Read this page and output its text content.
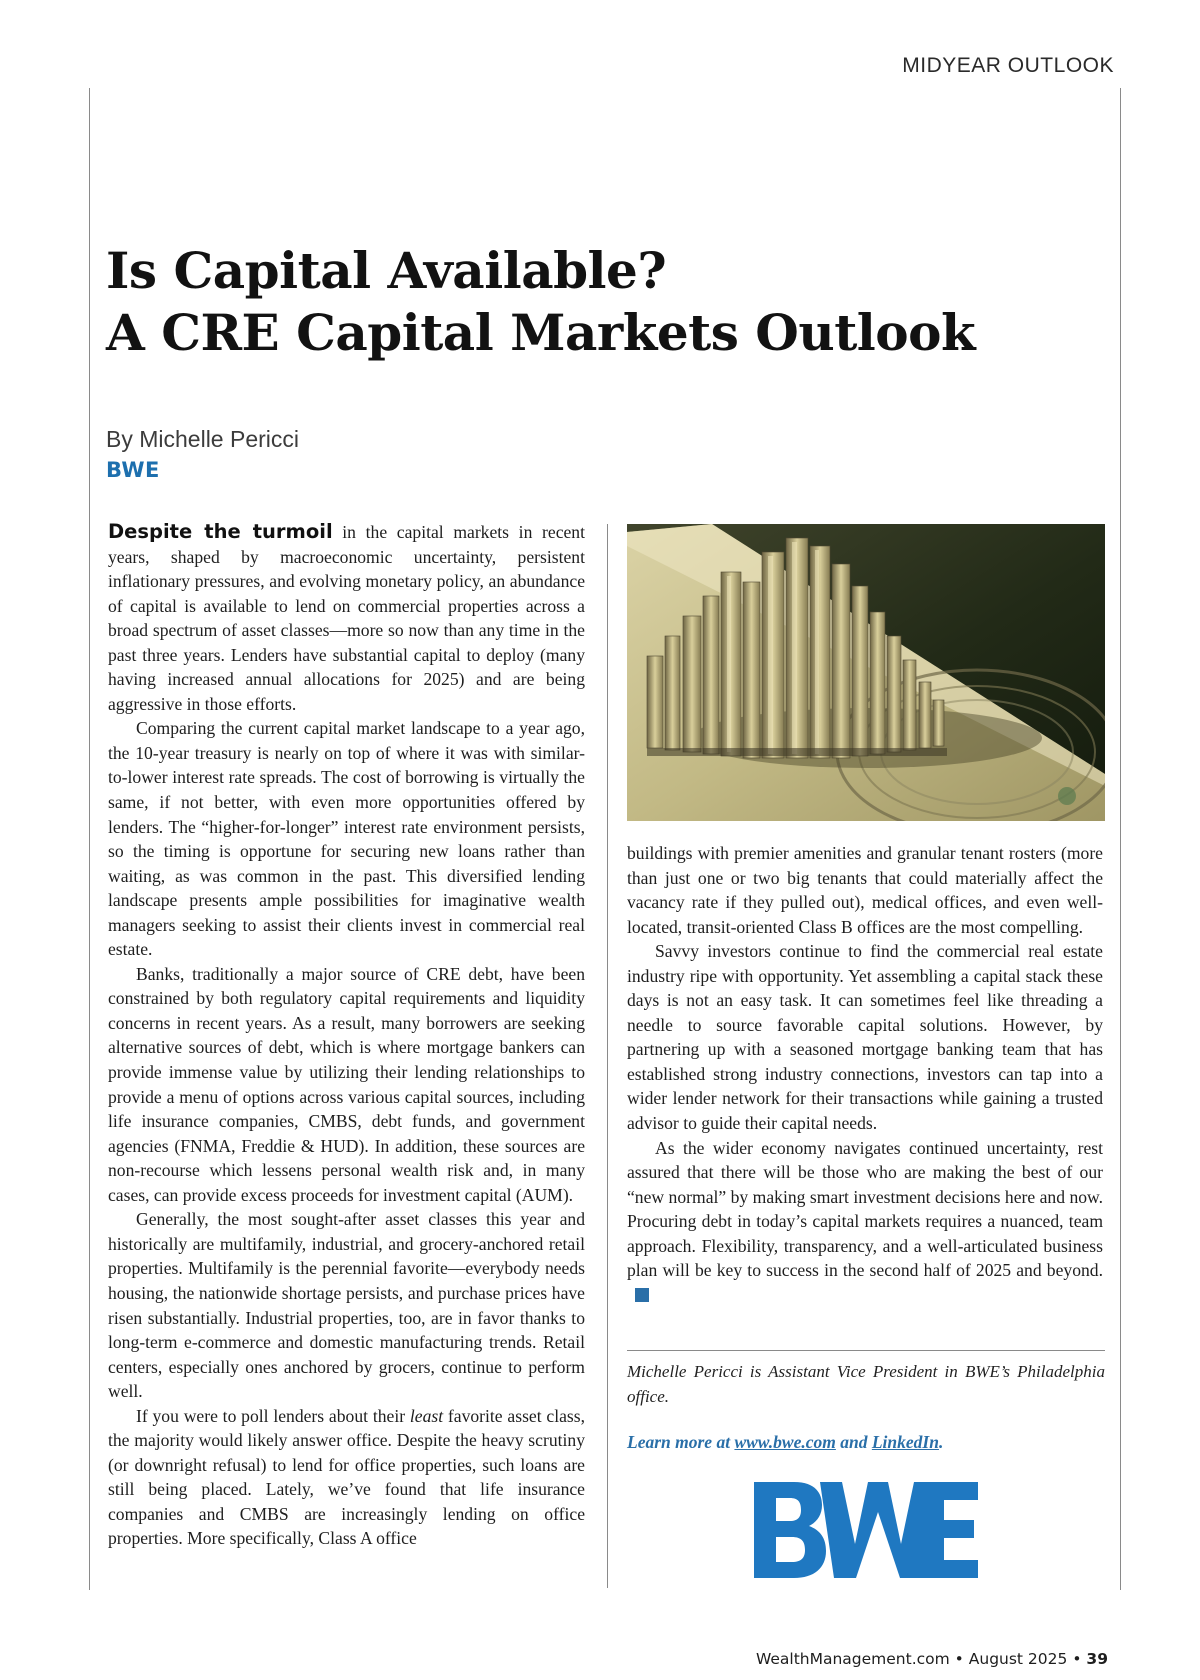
MIDYEAR OUTLOOK
Is Capital Available?
A CRE Capital Markets Outlook
By Michelle Pericci
BWE

Despite the turmoil in the capital markets in recent years, shaped by macroeconomic uncertainty, persistent inflationary pressures, and evolving monetary policy, an abundance of capital is available to lend on commercial properties across a broad spectrum of asset classes—more so now than any time in the past three years. Lenders have substantial capital to deploy (many having increased annual allocations for 2025) and are being aggressive in those efforts.

Comparing the current capital market landscape to a year ago, the 10-year treasury is nearly on top of where it was with similar-to-lower interest rate spreads. The cost of borrowing is virtually the same, if not better, with even more opportunities offered by lenders. The “higher-for-longer” interest rate environment persists, so the timing is opportune for securing new loans rather than waiting, as was common in the past. This diversified lending landscape presents ample possibilities for imaginative wealth managers seeking to assist their clients invest in commercial real estate.

Banks, traditionally a major source of CRE debt, have been constrained by both regulatory capital requirements and liquidity concerns in recent years. As a result, many borrowers are seeking alternative sources of debt, which is where mortgage bankers can provide immense value by utilizing their lending relationships to provide a menu of options across various capital sources, including life insurance companies, CMBS, debt funds, and government agencies (FNMA, Freddie & HUD). In addition, these sources are non-recourse which lessens personal wealth risk and, in many cases, can provide excess proceeds for investment capital (AUM).

Generally, the most sought-after asset classes this year and historically are multifamily, industrial, and grocery-anchored retail properties. Multifamily is the perennial favorite—everybody needs housing, the nationwide shortage persists, and purchase prices have risen substantially. Industrial properties, too, are in favor thanks to long-term e-commerce and domestic manufacturing trends. Retail centers, especially ones anchored by grocers, continue to perform well.

If you were to poll lenders about their least favorite asset class, the majority would likely answer office. Despite the heavy scrutiny (or downright refusal) to lend for office properties, such loans are still being placed. Lately, we’ve found that life insurance companies and CMBS are increasingly lending on office properties. More specifically, Class A office

buildings with premier amenities and granular tenant rosters (more than just one or two big tenants that could materially affect the vacancy rate if they pulled out), medical offices, and even well-located, transit-oriented Class B offices are the most compelling.

Savvy investors continue to find the commercial real estate industry ripe with opportunity. Yet assembling a capital stack these days is not an easy task. It can sometimes feel like threading a needle to source favorable capital solutions. However, by partnering up with a seasoned mortgage banking team that has established strong industry connections, investors can tap into a wider lender network for their transactions while gaining a trusted advisor to guide their capital needs.

As the wider economy navigates continued uncertainty, rest assured that there will be those who are making the best of our “new normal” by making smart investment decisions here and now. Procuring debt in today’s capital markets requires a nuanced, team approach. Flexibility, transparency, and a well-articulated business plan will be key to success in the second half of 2025 and beyond.

Michelle Pericci is Assistant Vice President in BWE’s Philadelphia office.
Learn more at www.bwe.com and LinkedIn.
WealthManagement.com • August 2025 • 39
